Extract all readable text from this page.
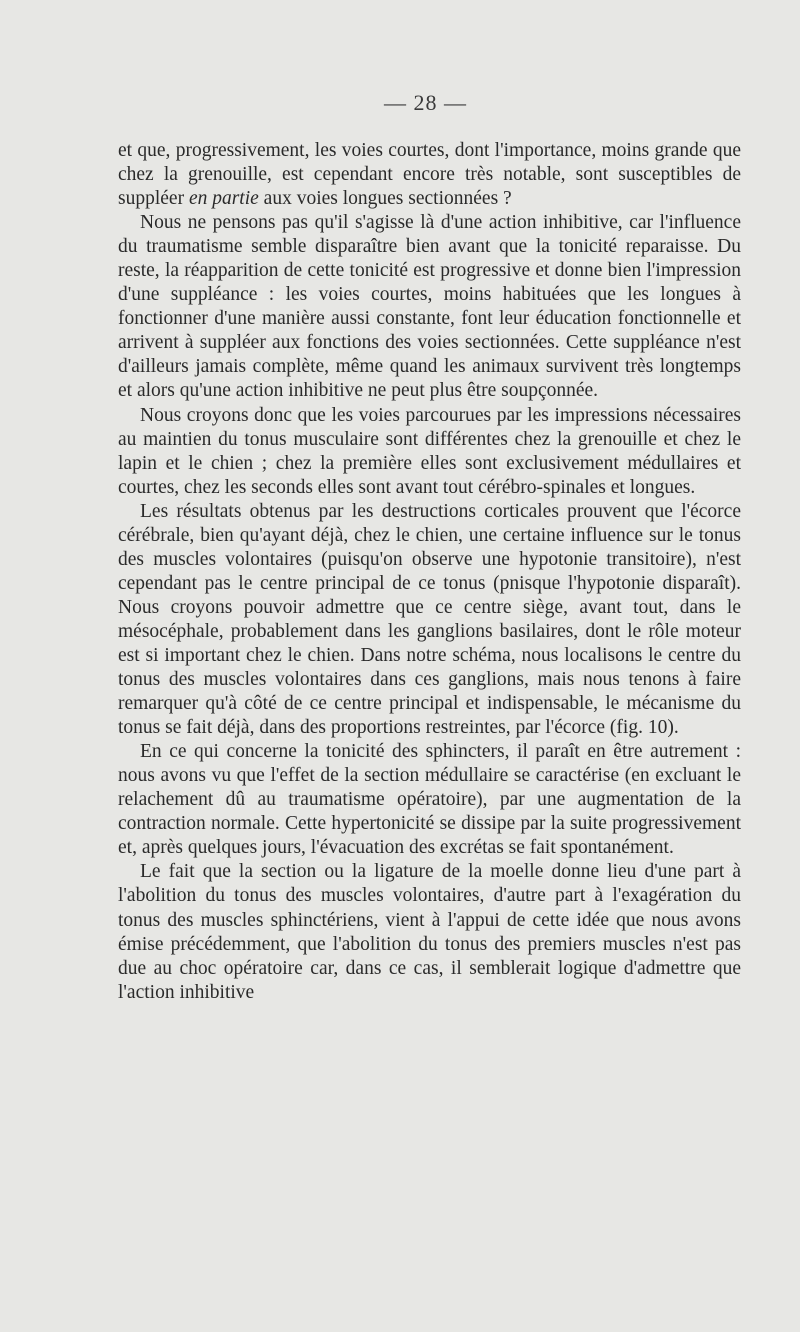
— 28 —

et que, progressivement, les voies courtes, dont l'importance, moins grande que chez la grenouille, est cependant encore très notable, sont susceptibles de suppléer en partie aux voies longues sectionnées ?

Nous ne pensons pas qu'il s'agisse là d'une action inhibitive, car l'influence du traumatisme semble disparaître bien avant que la tonicité reparaisse. Du reste, la réapparition de cette tonicité est progressive et donne bien l'impression d'une suppléance : les voies courtes, moins habituées que les longues à fonctionner d'une manière aussi constante, font leur éducation fonctionnelle et arrivent à suppléer aux fonctions des voies sectionnées. Cette suppléance n'est d'ailleurs jamais complète, même quand les animaux survivent très longtemps et alors qu'une action inhibitive ne peut plus être soupçonnée.

Nous croyons donc que les voies parcourues par les impressions nécessaires au maintien du tonus musculaire sont différentes chez la grenouille et chez le lapin et le chien ; chez la première elles sont exclusivement médullaires et courtes, chez les seconds elles sont avant tout cérébro-spinales et longues.

Les résultats obtenus par les destructions corticales prouvent que l'écorce cérébrale, bien qu'ayant déjà, chez le chien, une certaine influence sur le tonus des muscles volontaires (puisqu'on observe une hypotonie transitoire), n'est cependant pas le centre principal de ce tonus (pnisque l'hypotonie disparaît). Nous croyons pouvoir admettre que ce centre siège, avant tout, dans le mésocéphale, probablement dans les ganglions basilaires, dont le rôle moteur est si important chez le chien. Dans notre schéma, nous localisons le centre du tonus des muscles volontaires dans ces ganglions, mais nous tenons à faire remarquer qu'à côté de ce centre principal et indispensable, le mécanisme du tonus se fait déjà, dans des proportions restreintes, par l'écorce (fig. 10).

En ce qui concerne la tonicité des sphincters, il paraît en être autrement : nous avons vu que l'effet de la section médullaire se caractérise (en excluant le relachement dû au traumatisme opératoire), par une augmentation de la contraction normale. Cette hypertonicité se dissipe par la suite progressivement et, après quelques jours, l'évacuation des excrétas se fait spontanément.

Le fait que la section ou la ligature de la moelle donne lieu d'une part à l'abolition du tonus des muscles volontaires, d'autre part à l'exagération du tonus des muscles sphinctériens, vient à l'appui de cette idée que nous avons émise précédemment, que l'abolition du tonus des premiers muscles n'est pas due au choc opératoire car, dans ce cas, il semblerait logique d'admettre que l'action inhibitive
